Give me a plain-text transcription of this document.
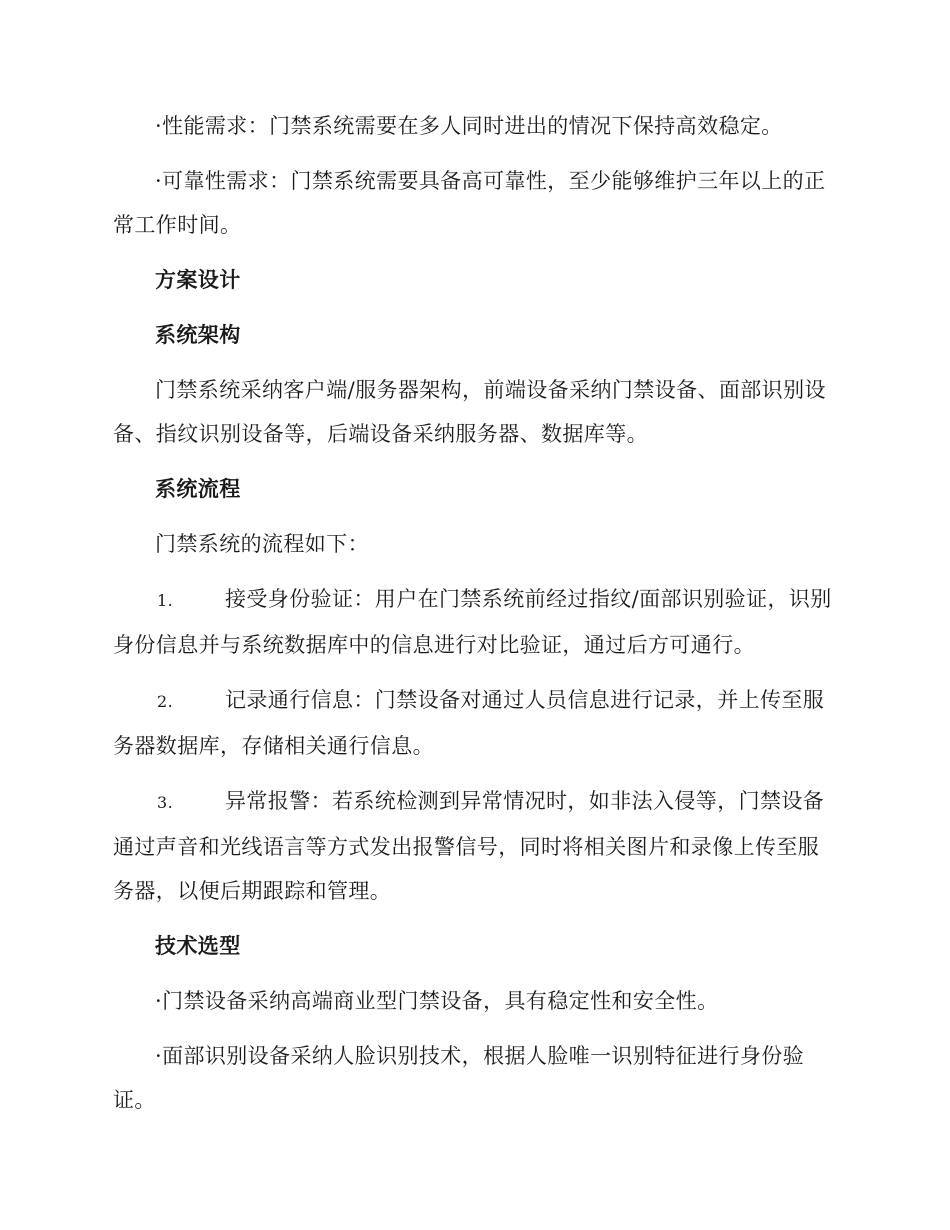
·性能需求：门禁系统需要在多人同时进出的情况下保持高效稳定。

·可靠性需求：门禁系统需要具备高可靠性，至少能够维护三年以上的正常工作时间。

方案设计

系统架构

门禁系统采纳客户端/服务器架构，前端设备采纳门禁设备、面部识别设备、指纹识别设备等，后端设备采纳服务器、数据库等。

系统流程

门禁系统的流程如下：

1. 接受身份验证：用户在门禁系统前经过指纹/面部识别验证，识别身份信息并与系统数据库中的信息进行对比验证，通过后方可通行。

2. 记录通行信息：门禁设备对通过人员信息进行记录，并上传至服务器数据库，存储相关通行信息。

3. 异常报警：若系统检测到异常情况时，如非法入侵等，门禁设备通过声音和光线语言等方式发出报警信号，同时将相关图片和录像上传至服务器，以便后期跟踪和管理。

技术选型

·门禁设备采纳高端商业型门禁设备，具有稳定性和安全性。

·面部识别设备采纳人脸识别技术，根据人脸唯一识别特征进行身份验证。
